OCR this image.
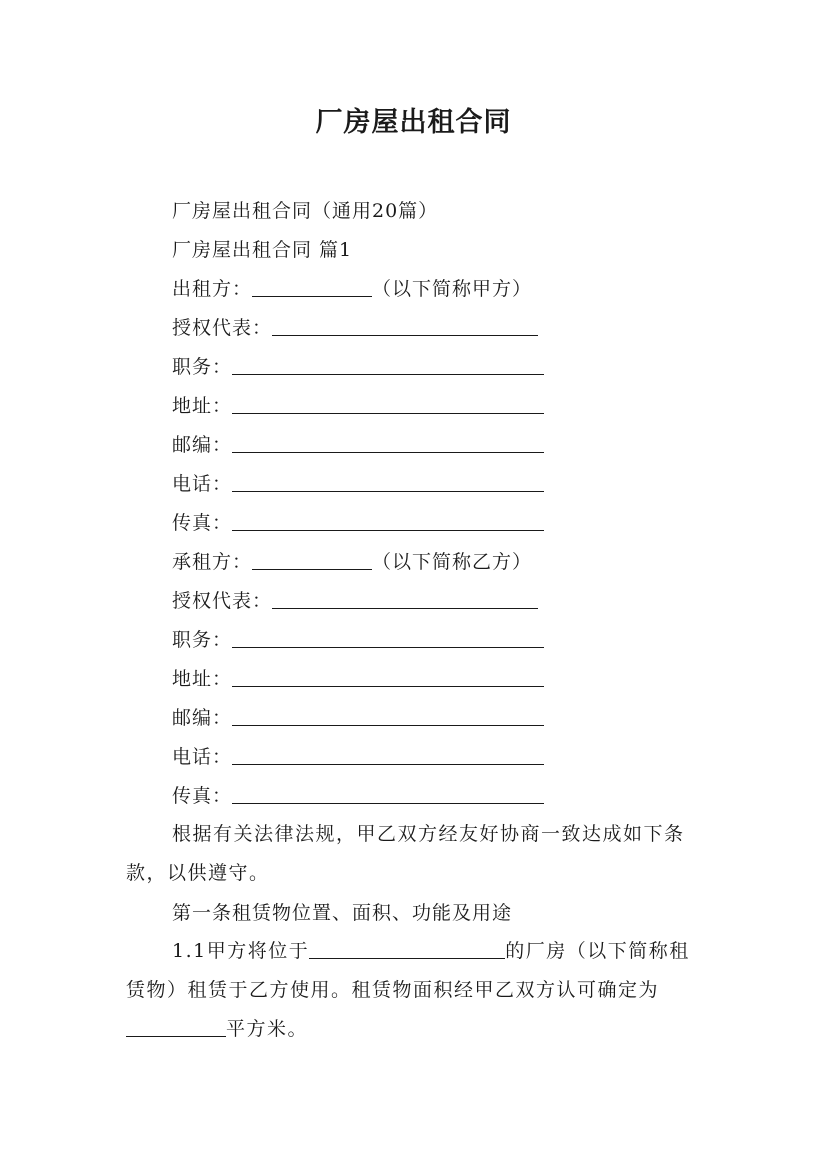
厂房屋出租合同
厂房屋出租合同（通用20篇）
厂房屋出租合同 篇1
出租方：	（以下简称甲方）
授权代表：
职务：
地址：
邮编：
电话：
传真：
承租方：	（以下简称乙方）
授权代表：
职务：
地址：
邮编：
电话：
传真：
根据有关法律法规，甲乙双方经友好协商一致达成如下条款，以供遵守。
第一条租赁物位置、面积、功能及用途
1.1甲方将位于	的厂房（以下简称租赁物）租赁于乙方使用。租赁物面积经甲乙双方认可确定为平方米。
